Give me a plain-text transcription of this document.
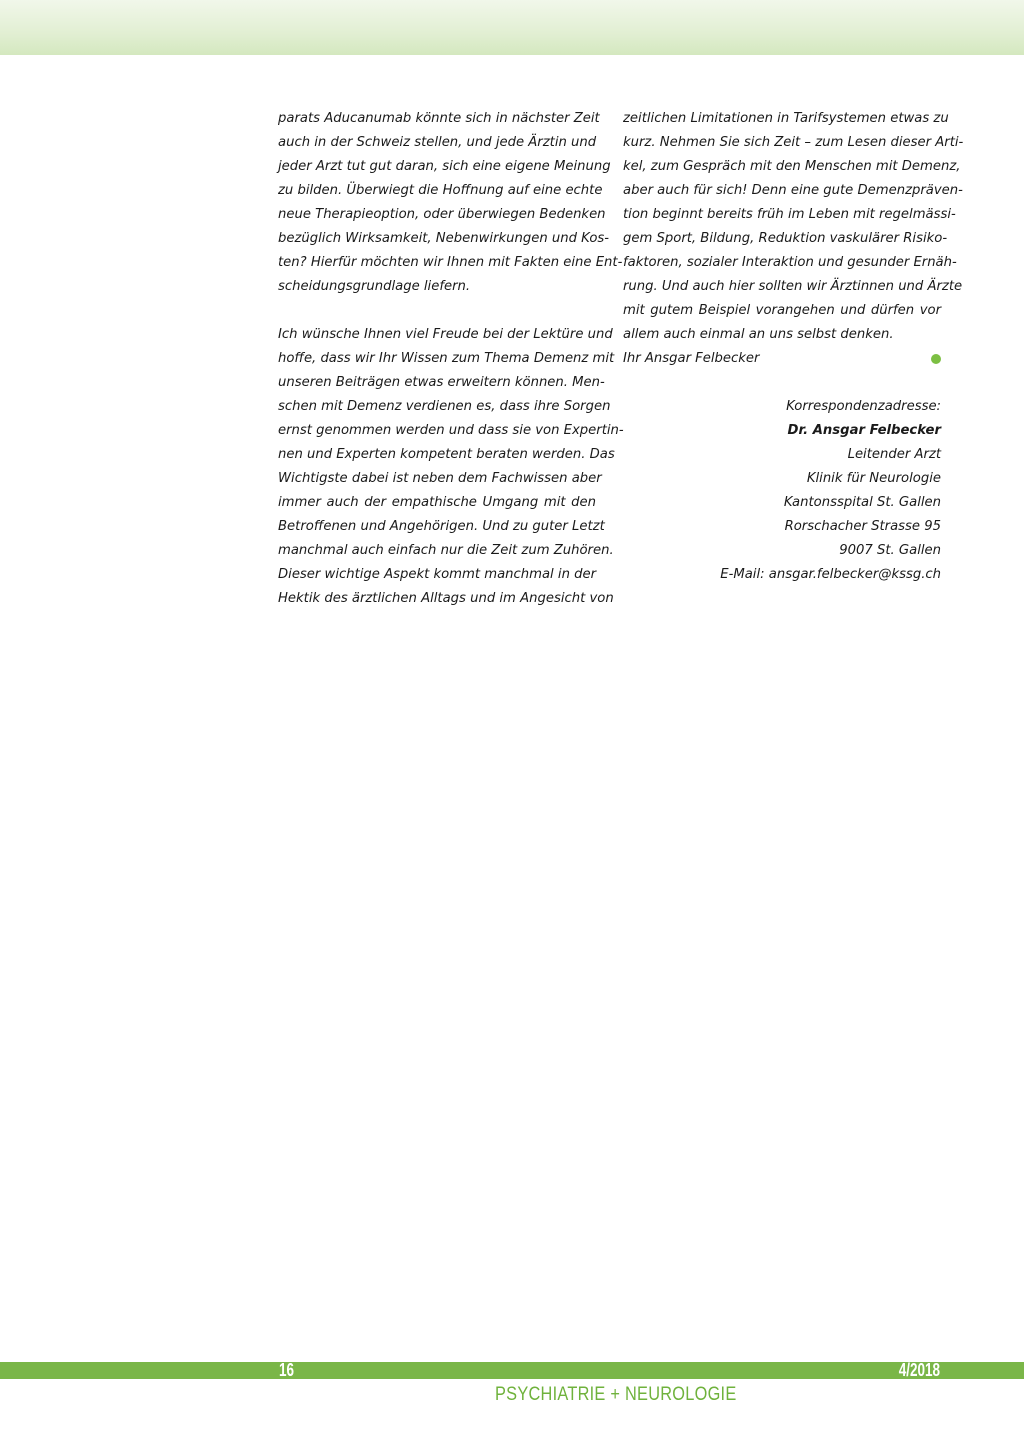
parats Aducanumab könnte sich in nächster Zeit
auch in der Schweiz stellen, und jede Ärztin und
jeder Arzt tut gut daran, sich eine eigene Meinung
zu bilden. Überwiegt die Hoffnung auf eine echte
neue Therapieoption, oder überwiegen Bedenken
bezüglich Wirksamkeit, Nebenwirkungen und Kos-
ten? Hierfür möchten wir Ihnen mit Fakten eine Ent-
scheidungsgrundlage liefern.
Ich wünsche Ihnen viel Freude bei der Lektüre und
hoffe, dass wir Ihr Wissen zum Thema Demenz mit
unseren Beiträgen etwas erweitern können. Men-
schen mit Demenz verdienen es, dass ihre Sorgen
ernst genommen werden und dass sie von Expertin-
nen und Experten kompetent beraten werden. Das
Wichtigste dabei ist neben dem Fachwissen aber
immer auch der empathische Umgang mit den
Betroffenen und Angehörigen. Und zu guter Letzt
manchmal auch einfach nur die Zeit zum Zuhören.
Dieser wichtige Aspekt kommt manchmal in der
Hektik des ärztlichen Alltags und im Angesicht von
zeitlichen Limitationen in Tarifsystemen etwas zu
kurz. Nehmen Sie sich Zeit – zum Lesen dieser Arti-
kel, zum Gespräch mit den Menschen mit Demenz,
aber auch für sich! Denn eine gute Demenzpräven-
tion beginnt bereits früh im Leben mit regelmässi-
gem Sport, Bildung, Reduktion vaskulärer Risiko-
faktoren, sozialer Interaktion und gesunder Ernäh-
rung. Und auch hier sollten wir Ärztinnen und Ärzte
mit gutem Beispiel vorangehen und dürfen vor
allem auch einmal an uns selbst denken.
Ihr Ansgar Felbecker
Korrespondenzadresse:
Dr. Ansgar Felbecker
Leitender Arzt
Klinik für Neurologie
Kantonsspital St. Gallen
Rorschacher Strasse 95
9007 St. Gallen
E-Mail: ansgar.felbecker@kssg.ch
16	4/2018
PSYCHIATRIE + NEUROLOGIE
